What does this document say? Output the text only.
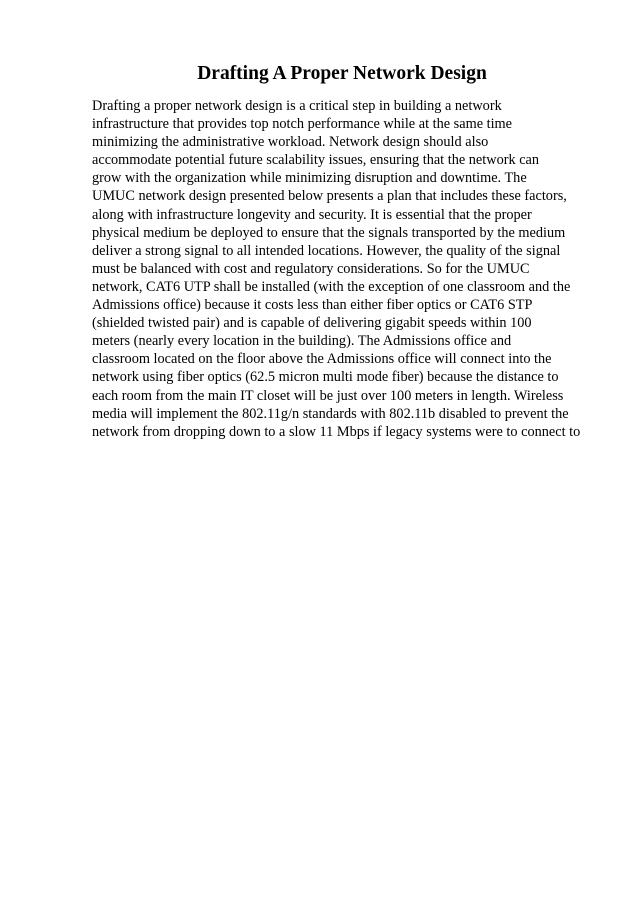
Drafting A Proper Network Design
Drafting a proper network design is a critical step in building a network
infrastructure that provides top notch performance while at the same time
minimizing the administrative workload. Network design should also
accommodate potential future scalability issues, ensuring that the network can
grow with the organization while minimizing disruption and downtime. The
UMUC network design presented below presents a plan that includes these factors,
along with infrastructure longevity and security. It is essential that the proper
physical medium be deployed to ensure that the signals transported by the medium
deliver a strong signal to all intended locations. However, the quality of the signal
must be balanced with cost and regulatory considerations. So for the UMUC
network, CAT6 UTP shall be installed (with the exception of one classroom and the
Admissions office) because it costs less than either fiber optics or CAT6 STP
(shielded twisted pair) and is capable of delivering gigabit speeds within 100
meters (nearly every location in the building). The Admissions office and
classroom located on the floor above the Admissions office will connect into the
network using fiber optics (62.5 micron multi mode fiber) because the distance to
each room from the main IT closet will be just over 100 meters in length. Wireless
media will implement the 802.11g/n standards with 802.11b disabled to prevent the
network from dropping down to a slow 11 Mbps if legacy systems were to connect to
